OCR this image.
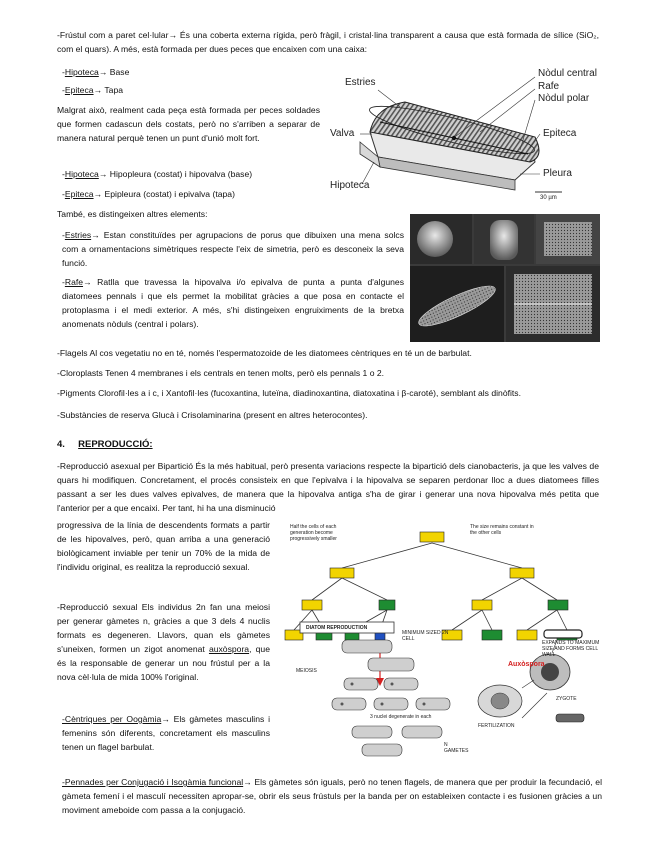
-Frústul com a paret cel·lular→ És una coberta externa rígida, però fràgil, i cristal·lina transparent a causa que està formada de sílice (SiO₂, com el quars). A més, està formada per dues peces que encaixen com una caixa:
-Hipoteca→ Base
-Epiteca→ Tapa
Malgrat això, realment cada peça està formada per peces soldades que formen cadascun dels costats, però no s'arriben a separar de manera natural perquè tenen un punt d'unió molt fort.
-Hipoteca→ Hipopleura (costat) i hipovalva (base)
-Epiteca→ Epipleura (costat) i epivalva (tapa)
També, es distingeixen altres elements:
-Estries→ Estan constituïdes per agrupacions de porus que dibuixen una mena solcs com a ornamentacions simètriques respecte l'eix de simetria, però es desconeix la seva funció.
-Rafe→ Ratlla que travessa la hipovalva i/o epivalva de punta a punta d'algunes diatomees pennals i que els permet la mobilitat gràcies a que posa en contacte el protoplasma i el medi exterior. A més, s'hi distingeixen engruiximents de la bretxa anomenats nòduls (central i polars).
Estries
Valva
Hipoteca
Nòdul central
Rafe
Nòdul polar
Epiteca
Pleura
30 µm
-Flagels Al cos vegetatiu no en té, només l'espermatozoide de les diatomees cèntriques en té un de barbulat.
-Cloroplasts Tenen 4 membranes i els centrals en tenen molts, però els pennals 1 o 2.
-Pigments Clorofil·les a i c, i Xantofil·les (fucoxantina, luteïna, diadinoxantina, diatoxatina i β-caroté), semblant als dinòfits.
-Substàncies de reserva Glucà i Crisolaminarina (present en altres heterocontes).
4. REPRODUCCIÓ:
-Reproducció asexual per Bipartició És la més habitual, però presenta variacions respecte la bipartició dels cianobacteris, ja que les valves de quars hi modifiquen. Concretament, el procés consisteix en que l'epivalva i la hipovalva se separen perdonar lloc a dues diatomees filles passant a ser les dues valves epivalves, de manera que la hipovalva antiga s'ha de girar i generar una nova hipovalva més petita que l'anterior per a que encaixi. Per tant, hi ha una disminució
progressiva de la línia de descendents formats a partir de les hipovalves, però, quan arriba a una generació biològicament inviable per tenir un 70% de la mida de l'individu original, es realitza la reproducció sexual.
-Reproducció sexual Els individus 2n fan una meiosi per generar gàmetes n, gràcies a que 3 dels 4 nuclis formats es degeneren. Llavors, quan els gàmetes s'uneixen, formen un zigot anomenat auxòspora, que és la responsable de generar un nou frústul per a la nova cèl·lula de mida 100% l'original.
-Cèntriques per Oogàmia→ Els gàmetes masculins i femenins són diferents, concretament els masculins tenen un flagel barbulat.
-Pennades per Conjugació i Isogàmia funcional→ Els gàmetes són iguals, però no tenen flagels, de manera que per produir la fecundació, el gàmeta femení i el masculí necessiten apropar-se, obrir els seus frústuls per la banda per on estableixen contacte i es fusionen gràcies a un moviment ameboide com passa a la conjugació.
Half the cells of each generation become progressively smaller
The size remains constant in the other cells
DIATOM REPRODUCTION
MINIMUM SIZED 2N CELL
MEIOSIS
3 nuclei degenerate in each
Auxòspora
EXPANDS TO MAXIMUM SIZE AND FORMS CELL WALL
ZYGOTE
FERTILIZATION
N GAMETES
